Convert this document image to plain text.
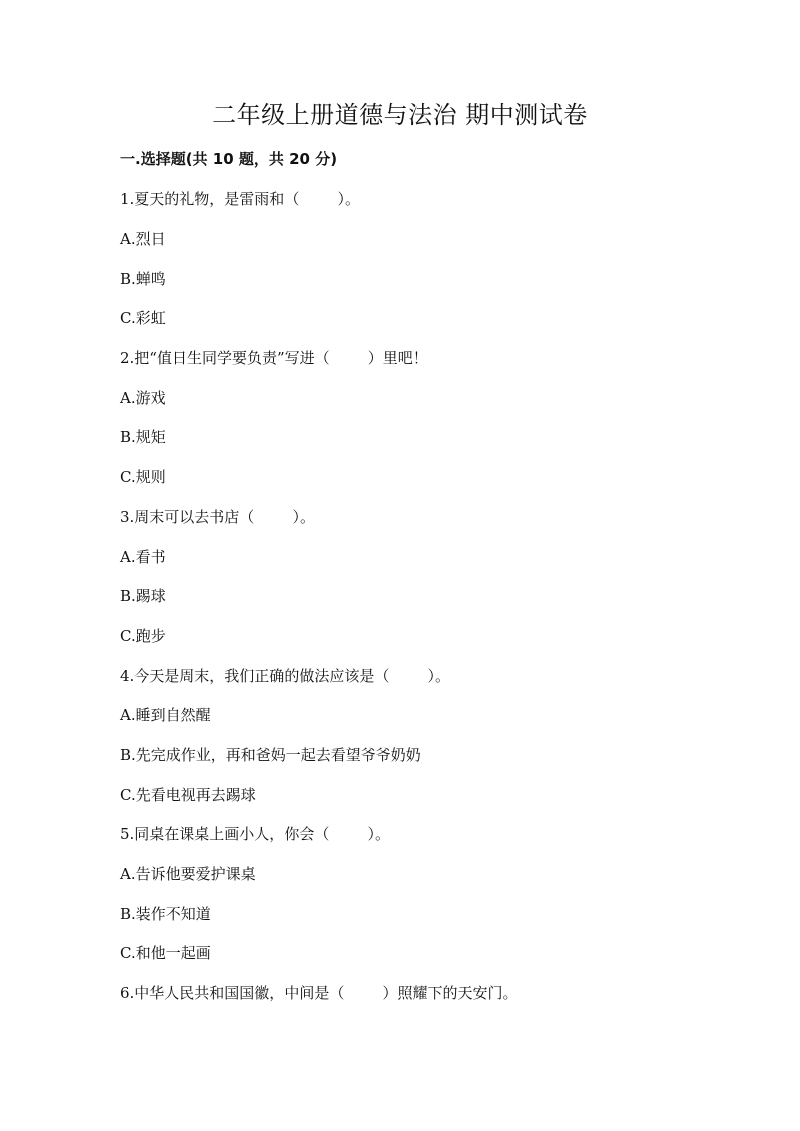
二年级上册道德与法治 期中测试卷
一.选择题(共 10 题，共 20 分)
1.夏天的礼物，是雷雨和（        ）。
A.烈日
B.蝉鸣
C.彩虹
2.把“值日生同学要负责”写进（        ）里吧！
A.游戏
B.规矩
C.规则
3.周末可以去书店（        ）。
A.看书
B.踢球
C.跑步
4.今天是周末，我们正确的做法应该是（        ）。
A.睡到自然醒
B.先完成作业，再和爸妈一起去看望爷爷奶奶
C.先看电视再去踢球
5.同桌在课桌上画小人，你会（        ）。
A.告诉他要爱护课桌
B.装作不知道
C.和他一起画
6.中华人民共和国国徽，中间是（        ）照耀下的天安门。
